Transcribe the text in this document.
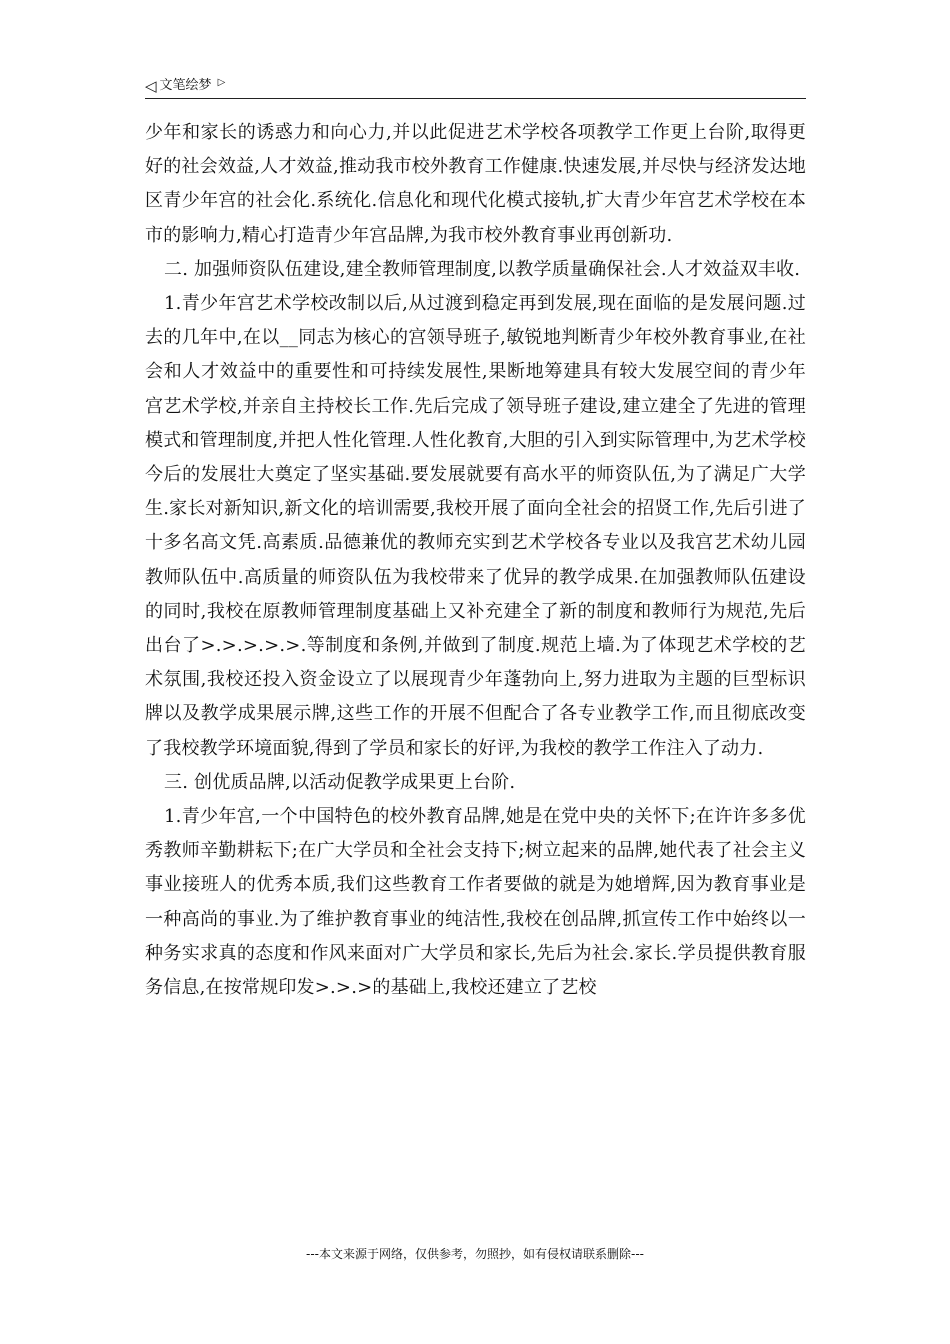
◁ 文笔绘梦 ▷

少年和家长的诱惑力和向心力,并以此促进艺术学校各项教学工作更上台阶,取得更好的社会效益,人才效益,推动我市校外教育工作健康.快速发展,并尽快与经济发达地区青少年宫的社会化.系统化.信息化和现代化模式接轨,扩大青少年宫艺术学校在本市的影响力,精心打造青少年宫品牌,为我市校外教育事业再创新功.

二. 加强师资队伍建设,建全教师管理制度,以教学质量确保社会.人才效益双丰收.

1.青少年宫艺术学校改制以后,从过渡到稳定再到发展,现在面临的是发展问题.过去的几年中,在以__同志为核心的宫领导班子,敏锐地判断青少年校外教育事业,在社会和人才效益中的重要性和可持续发展性,果断地筹建具有较大发展空间的青少年宫艺术学校,并亲自主持校长工作.先后完成了领导班子建设,建立建全了先进的管理模式和管理制度,并把人性化管理.人性化教育,大胆的引入到实际管理中,为艺术学校今后的发展壮大奠定了坚实基础.要发展就要有高水平的师资队伍,为了满足广大学生.家长对新知识,新文化的培训需要,我校开展了面向全社会的招贤工作,先后引进了十多名高文凭.高素质.品德兼优的教师充实到艺术学校各专业以及我宫艺术幼儿园教师队伍中.高质量的师资队伍为我校带来了优异的教学成果.在加强教师队伍建设的同时,我校在原教师管理制度基础上又补充建全了新的制度和教师行为规范,先后出台了>.>.>.>.>.等制度和条例,并做到了制度.规范上墙.为了体现艺术学校的艺术氛围,我校还投入资金设立了以展现青少年蓬勃向上,努力进取为主题的巨型标识牌以及教学成果展示牌,这些工作的开展不但配合了各专业教学工作,而且彻底改变了我校教学环境面貌,得到了学员和家长的好评,为我校的教学工作注入了动力.

三. 创优质品牌,以活动促教学成果更上台阶.

1.青少年宫,一个中国特色的校外教育品牌,她是在党中央的关怀下;在许许多多优秀教师辛勤耕耘下;在广大学员和全社会支持下;树立起来的品牌,她代表了社会主义事业接班人的优秀本质,我们这些教育工作者要做的就是为她增辉,因为教育事业是一种高尚的事业.为了维护教育事业的纯洁性,我校在创品牌,抓宣传工作中始终以一种务实求真的态度和作风来面对广大学员和家长,先后为社会.家长.学员提供教育服务信息,在按常规印发>.>.>的基础上,我校还建立了艺校

---本文来源于网络，仅供参考，勿照抄，如有侵权请联系删除---
